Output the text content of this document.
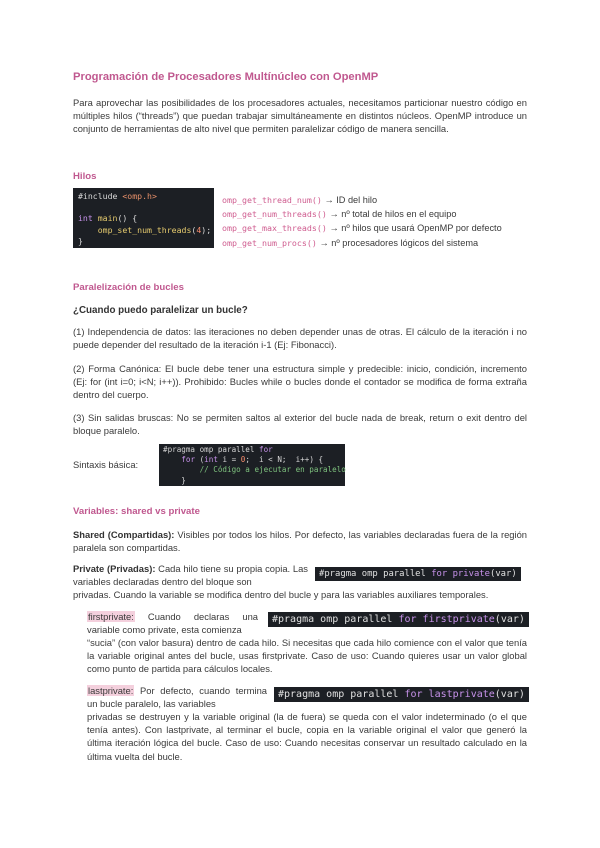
Programación de Procesadores Multínúcleo con OpenMP
Para aprovechar las posibilidades de los procesadores actuales, necesitamos particionar nuestro código en múltiples hilos (“threads”) que puedan trabajar simultáneamente en distintos núcleos. OpenMP introduce un conjunto de herramientas de alto nivel que permiten paralelizar código de manera sencilla.
Hilos
#include <omp.h>

int main() {
omp_set_num_threads(4);
}
omp_get_thread_num() → ID del hilo
omp_get_num_threads() → nº total de hilos en el equipo
omp_get_max_threads() → nº hilos que usará OpenMP por defecto
omp_get_num_procs() → nº procesadores lógicos del sistema
Paralelización de bucles
¿Cuando puedo paralelizar un bucle?
(1) Independencia de datos: las iteraciones no deben depender unas de otras. El cálculo de la iteración i no puede depender del resultado de la iteración i-1 (Ej: Fibonacci).
(2) Forma Canónica: El bucle debe tener una estructura simple y predecible: inicio, condición, incremento (Ej: for (int i=0; i<N; i++)). Prohibido: Bucles while o bucles donde el contador se modifica de forma extraña dentro del cuerpo.
(3) Sin salidas bruscas: No se permiten saltos al exterior del bucle nada de break, return o exit dentro del bloque paralelo.
Sintaxis básica:
#pragma omp parallel for
for (int i = 0;  i < N;  i++) {
// Código a ejecutar en paralelo
}
Variables: shared vs private
Shared (Compartidas): Visibles por todos los hilos. Por defecto, las variables declaradas fuera de la región paralela son compartidas.
Private (Privadas): Cada hilo tiene su propia copia. Las variables declaradas dentro del bloque son
privadas. Cuando la variable se modifica dentro del bucle y para las variables auxiliares temporales.
#pragma omp parallel for private(var)
firstprivate: Cuando declaras una variable como private, esta comienza
“sucia” (con valor basura) dentro de cada hilo. Si necesitas que cada hilo comience con el valor que tenía la variable original antes del bucle, usas firstprivate. Caso de uso: Cuando quieres usar un valor global como punto de partida para cálculos locales.
#pragma omp parallel for firstprivate(var)
lastprivate: Por defecto, cuando termina un bucle paralelo, las variables
privadas se destruyen y la variable original (la de fuera) se queda con el valor indeterminado (o el que tenía antes). Con lastprivate, al terminar el bucle, copia en la variable original el valor que generó la última iteración lógica del bucle. Caso de uso: Cuando necesitas conservar un resultado calculado en la última vuelta del bucle.
#pragma omp parallel for lastprivate(var)
